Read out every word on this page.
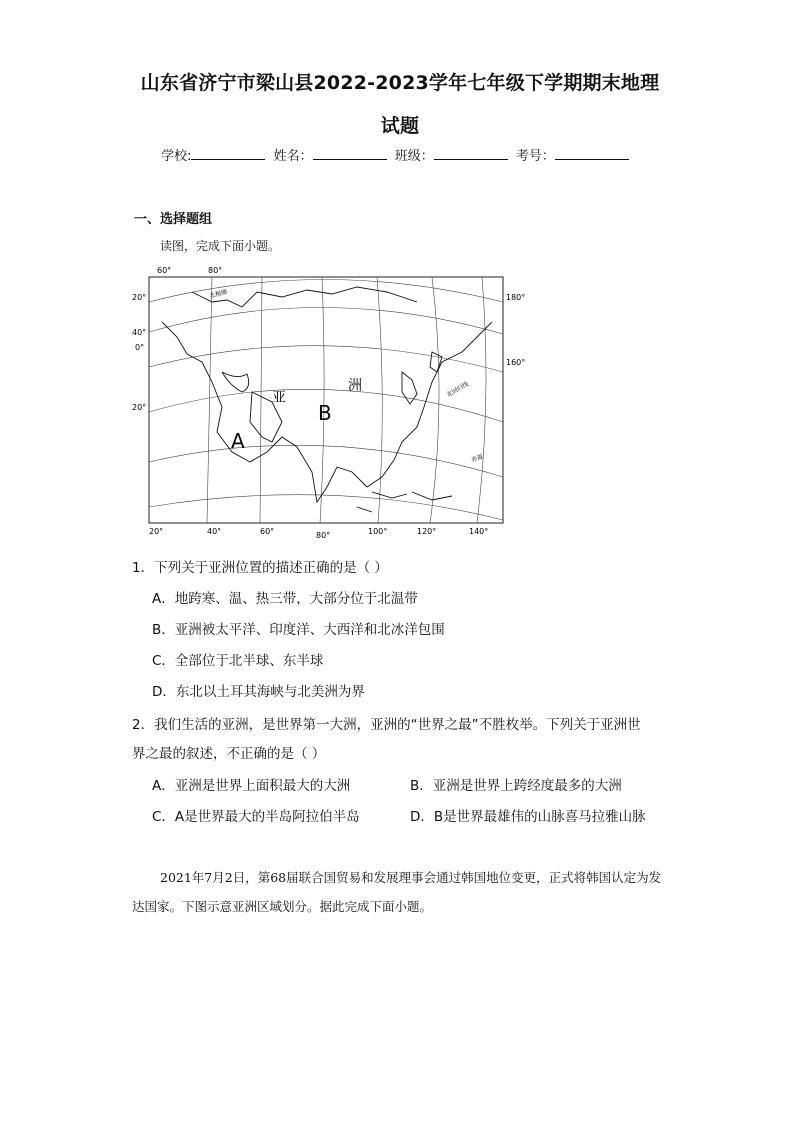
山东省济宁市梁山县2022-2023学年七年级下学期期末地理
试题
学校:	姓名：	班级：	考号：
一、选择题组
读图，完成下面小题。
20°
40°
0°
20°
60°	80°
180°
160°
20°	40°	60°	80°	100°	120°	140°
亚
洲
A
B
北极圈
北回归线
赤道
1．下列关于亚洲位置的描述正确的是（ ）
A．地跨寒、温、热三带，大部分位于北温带
B．亚洲被太平洋、印度洋、大西洋和北冰洋包围
C．全部位于北半球、东半球
D．东北以土耳其海峡与北美洲为界
2．我们生活的亚洲，是世界第一大洲，亚洲的“世界之最”不胜枚举。下列关于亚洲世
界之最的叙述，不正确的是（ ）
A．亚洲是世界上面积最大的大洲	B．亚洲是世界上跨经度最多的大洲
C．A是世界最大的半岛阿拉伯半岛	D．B是世界最雄伟的山脉喜马拉雅山脉
2021年7月2日，第68届联合国贸易和发展理事会通过韩国地位变更，正式将韩国认定为发达国家。下图示意亚洲区域划分。据此完成下面小题。
